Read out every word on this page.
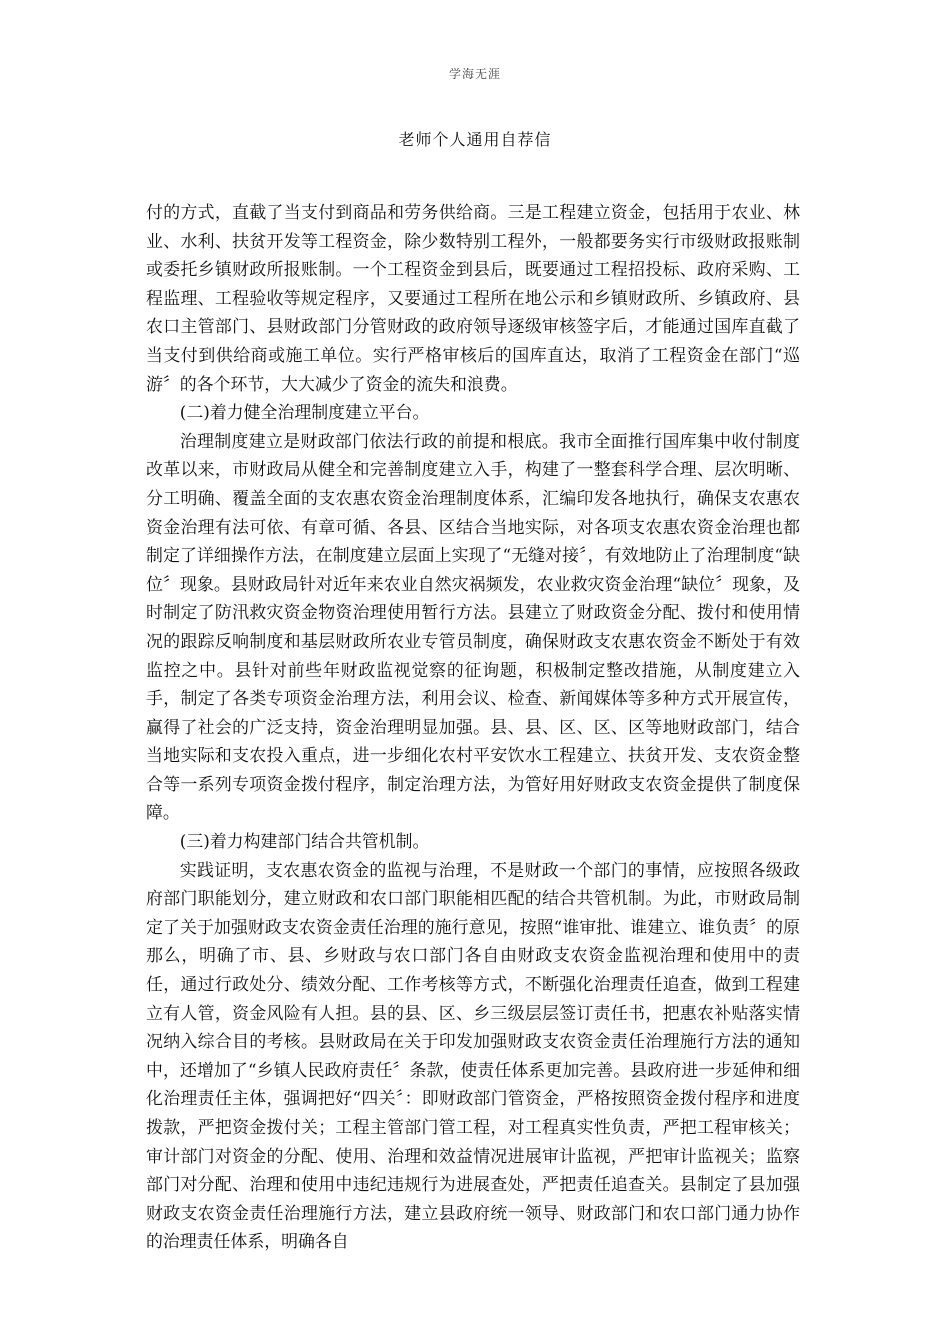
学海无涯
老师个人通用自荐信

付的方式，直截了当支付到商品和劳务供给商。三是工程建立资金，包括用于农业、林业、水利、扶贫开发等工程资金，除少数特别工程外，一般都要务实行市级财政报账制或委托乡镇财政所报账制。一个工程资金到县后，既要通过工程招投标、政府采购、工程监理、工程验收等规定程序，又要通过工程所在地公示和乡镇财政所、乡镇政府、县农口主管部门、县财政部门分管财政的政府领导逐级审核签字后，才能通过国库直截了当支付到供给商或施工单位。实行严格审核后的国库直达，取消了工程资金在部门“巡游〞的各个环节，大大减少了资金的流失和浪费。

(二)着力健全治理制度建立平台。

治理制度建立是财政部门依法行政的前提和根底。我市全面推行国库集中收付制度改革以来，市财政局从健全和完善制度建立入手，构建了一整套科学合理、层次明晰、分工明确、覆盖全面的支农惠农资金治理制度体系，汇编印发各地执行，确保支农惠农资金治理有法可依、有章可循、各县、区结合当地实际，对各项支农惠农资金治理也都制定了详细操作方法，在制度建立层面上实现了“无缝对接〞，有效地防止了治理制度“缺位〞现象。县财政局针对近年来农业自然灾祸频发，农业救灾资金治理“缺位〞现象，及时制定了防汛救灾资金物资治理使用暂行方法。县建立了财政资金分配、拨付和使用情况的跟踪反响制度和基层财政所农业专管员制度，确保财政支农惠农资金不断处于有效监控之中。县针对前些年财政监视觉察的征询题，积极制定整改措施，从制度建立入手，制定了各类专项资金治理方法，利用会议、检查、新闻媒体等多种方式开展宣传，赢得了社会的广泛支持，资金治理明显加强。县、县、区、区、区等地财政部门，结合当地实际和支农投入重点，进一步细化农村平安饮水工程建立、扶贫开发、支农资金整合等一系列专项资金拨付程序，制定治理方法，为管好用好财政支农资金提供了制度保障。

(三)着力构建部门结合共管机制。

实践证明，支农惠农资金的监视与治理，不是财政一个部门的事情，应按照各级政府部门职能划分，建立财政和农口部门职能相匹配的结合共管机制。为此，市财政局制定了关于加强财政支农资金责任治理的施行意见，按照“谁审批、谁建立、谁负责〞的原那么，明确了市、县、乡财政与农口部门各自由财政支农资金监视治理和使用中的责任，通过行政处分、绩效分配、工作考核等方式，不断强化治理责任追查，做到工程建立有人管，资金风险有人担。县的县、区、乡三级层层签订责任书，把惠农补贴落实情况纳入综合目的考核。县财政局在关于印发加强财政支农资金责任治理施行方法的通知中，还增加了“乡镇人民政府责任〞条款，使责任体系更加完善。县政府进一步延伸和细化治理责任主体，强调把好“四关〞：即财政部门管资金，严格按照资金拨付程序和进度拨款，严把资金拨付关；工程主管部门管工程，对工程真实性负责，严把工程审核关；审计部门对资金的分配、使用、治理和效益情况进展审计监视，严把审计监视关；监察部门对分配、治理和使用中违纪违规行为进展查处，严把责任追查关。县制定了县加强财政支农资金责任治理施行方法，建立县政府统一领导、财政部门和农口部门通力协作的治理责任体系，明确各自
